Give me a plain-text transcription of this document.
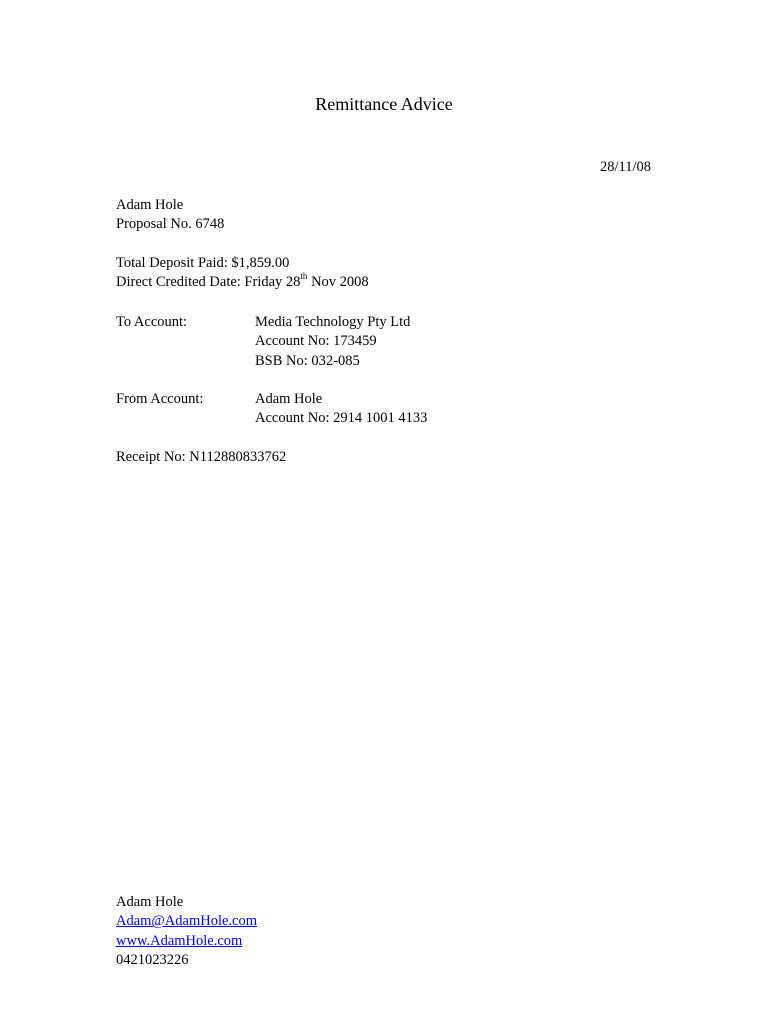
Remittance Advice
28/11/08
Adam Hole
Proposal No. 6748
Total Deposit Paid: $1,859.00
Direct Credited Date: Friday 28th Nov 2008
To Account:	Media Technology Pty Ltd
Account No: 173459
BSB No: 032-085
From Account:	Adam Hole
Account No: 2914 1001 4133
Receipt No: N112880833762
Adam Hole
Adam@AdamHole.com
www.AdamHole.com
0421023226
